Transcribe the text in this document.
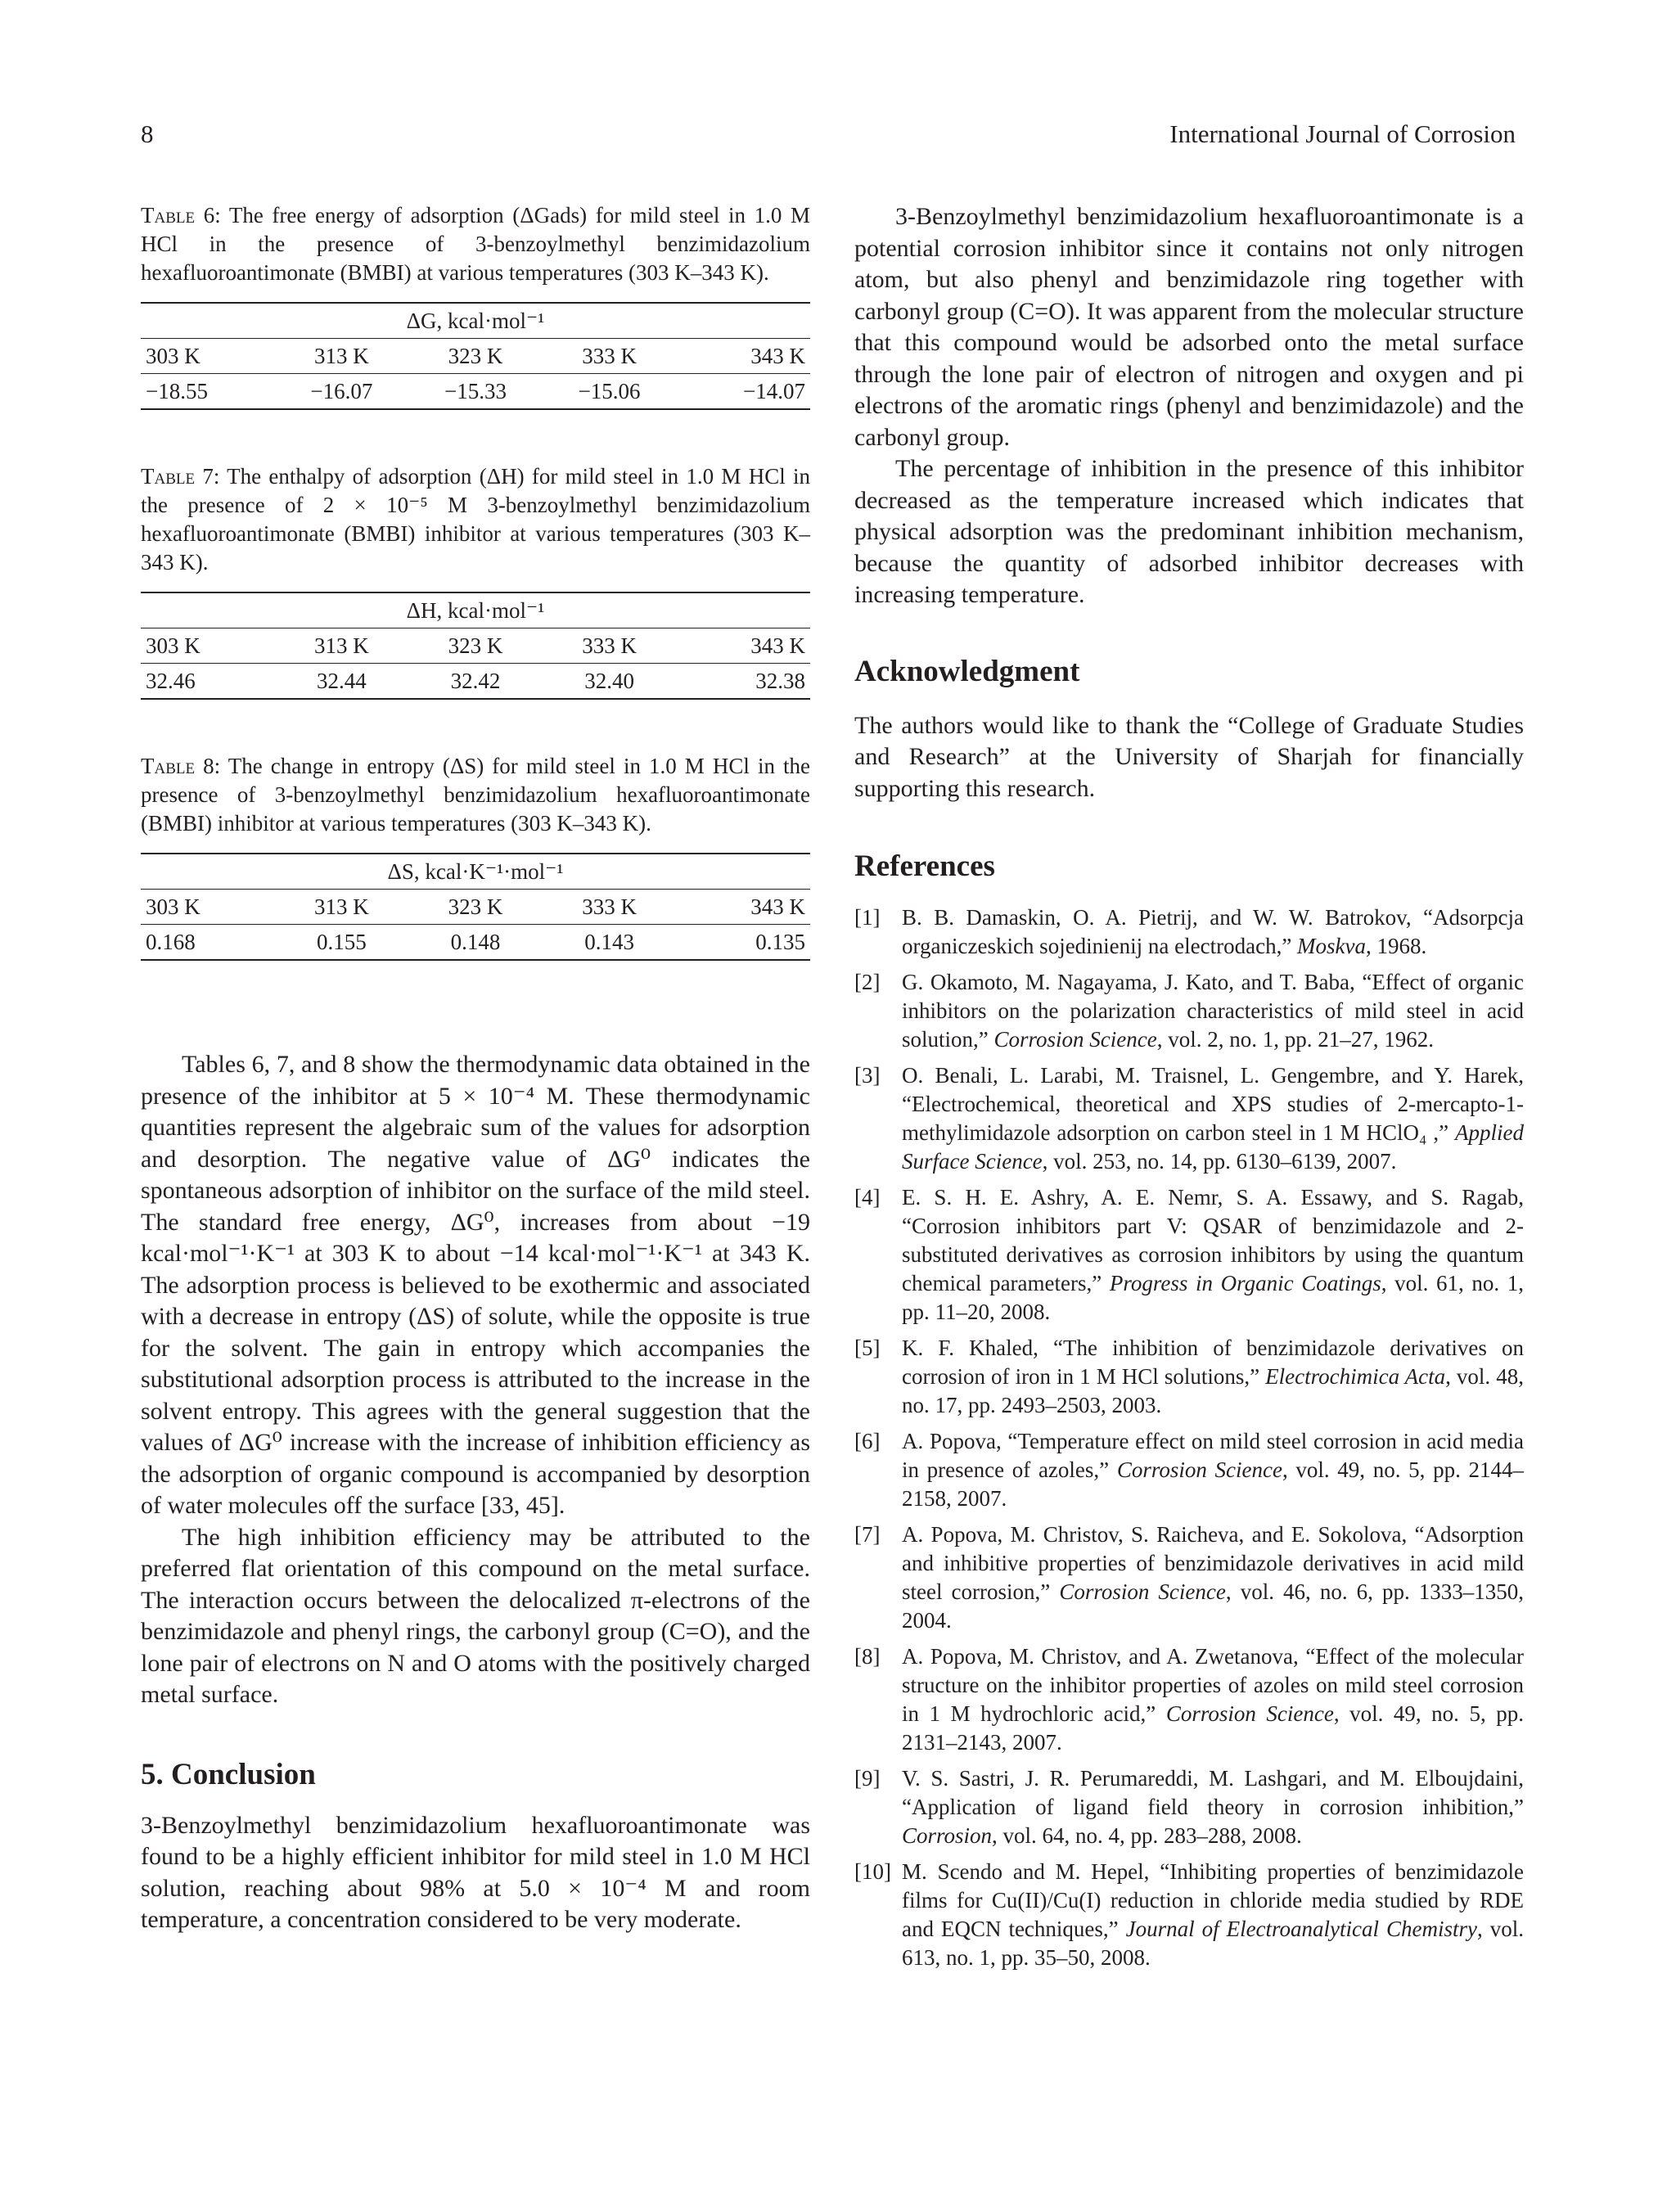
8	International Journal of Corrosion

Table 6: The free energy of adsorption (ΔGads) for mild steel in 1.0 M HCl in the presence of 3-benzoylmethyl benzimidazolium hexafluoroantimonate (BMBI) at various temperatures (303 K–343 K).

ΔG, kcal·mol⁻¹				
303 K	313 K	323 K	333 K	343 K
−18.55	−16.07	−15.33	−15.06	−14.07

Table 7: The enthalpy of adsorption (ΔH) for mild steel in 1.0 M HCl in the presence of 2 × 10⁻⁵ M 3-benzoylmethyl benzimidazolium hexafluoroantimonate (BMBI) inhibitor at various temperatures (303 K–343 K).

ΔH, kcal·mol⁻¹				
303 K	313 K	323 K	333 K	343 K
32.46	32.44	32.42	32.40	32.38

Table 8: The change in entropy (ΔS) for mild steel in 1.0 M HCl in the presence of 3-benzoylmethyl benzimidazolium hexafluoroantimonate (BMBI) inhibitor at various temperatures (303 K–343 K).

ΔS, kcal·K⁻¹·mol⁻¹				
303 K	313 K	323 K	333 K	343 K
0.168	0.155	0.148	0.143	0.135

Tables 6, 7, and 8 show the thermodynamic data obtained in the presence of the inhibitor at 5 × 10⁻⁴ M. These thermodynamic quantities represent the algebraic sum of the values for adsorption and desorption. The negative value of ΔG⁰ indicates the spontaneous adsorption of inhibitor on the surface of the mild steel. The standard free energy, ΔG⁰, increases from about −19 kcal·mol⁻¹·K⁻¹ at 303 K to about −14 kcal·mol⁻¹·K⁻¹ at 343 K. The adsorption process is believed to be exothermic and associated with a decrease in entropy (ΔS) of solute, while the opposite is true for the solvent. The gain in entropy which accompanies the substitutional adsorption process is attributed to the increase in the solvent entropy. This agrees with the general suggestion that the values of ΔG⁰ increase with the increase of inhibition efficiency as the adsorption of organic compound is accompanied by desorption of water molecules off the surface [33, 45].

The high inhibition efficiency may be attributed to the preferred flat orientation of this compound on the metal surface. The interaction occurs between the delocalized π-electrons of the benzimidazole and phenyl rings, the carbonyl group (C=O), and the lone pair of electrons on N and O atoms with the positively charged metal surface.

5. Conclusion

3-Benzoylmethyl benzimidazolium hexafluoroantimonate was found to be a highly efficient inhibitor for mild steel in 1.0 M HCl solution, reaching about 98% at 5.0 × 10⁻⁴ M and room temperature, a concentration considered to be very moderate.

3-Benzoylmethyl benzimidazolium hexafluoroantimonate is a potential corrosion inhibitor since it contains not only nitrogen atom, but also phenyl and benzimidazole ring together with carbonyl group (C=O). It was apparent from the molecular structure that this compound would be adsorbed onto the metal surface through the lone pair of electron of nitrogen and oxygen and pi electrons of the aromatic rings (phenyl and benzimidazole) and the carbonyl group.

The percentage of inhibition in the presence of this inhibitor decreased as the temperature increased which indicates that physical adsorption was the predominant inhibition mechanism, because the quantity of adsorbed inhibitor decreases with increasing temperature.

Acknowledgment

The authors would like to thank the “College of Graduate Studies and Research” at the University of Sharjah for financially supporting this research.

References
[1] B. B. Damaskin, O. A. Pietrij, and W. W. Batrokov, “Adsorpcja organiczeskich sojedinienij na electrodach,” Moskva, 1968.
[2] G. Okamoto, M. Nagayama, J. Kato, and T. Baba, “Effect of organic inhibitors on the polarization characteristics of mild steel in acid solution,” Corrosion Science, vol. 2, no. 1, pp. 21–27, 1962.
[3] O. Benali, L. Larabi, M. Traisnel, L. Gengembre, and Y. Harek, “Electrochemical, theoretical and XPS studies of 2-mercapto-1-methylimidazole adsorption on carbon steel in 1 M HClO₄ ,” Applied Surface Science, vol. 253, no. 14, pp. 6130–6139, 2007.
[4] E. S. H. E. Ashry, A. E. Nemr, S. A. Essawy, and S. Ragab, “Corrosion inhibitors part V: QSAR of benzimidazole and 2-substituted derivatives as corrosion inhibitors by using the quantum chemical parameters,” Progress in Organic Coatings, vol. 61, no. 1, pp. 11–20, 2008.
[5] K. F. Khaled, “The inhibition of benzimidazole derivatives on corrosion of iron in 1 M HCl solutions,” Electrochimica Acta, vol. 48, no. 17, pp. 2493–2503, 2003.
[6] A. Popova, “Temperature effect on mild steel corrosion in acid media in presence of azoles,” Corrosion Science, vol. 49, no. 5, pp. 2144–2158, 2007.
[7] A. Popova, M. Christov, S. Raicheva, and E. Sokolova, “Adsorption and inhibitive properties of benzimidazole derivatives in acid mild steel corrosion,” Corrosion Science, vol. 46, no. 6, pp. 1333–1350, 2004.
[8] A. Popova, M. Christov, and A. Zwetanova, “Effect of the molecular structure on the inhibitor properties of azoles on mild steel corrosion in 1 M hydrochloric acid,” Corrosion Science, vol. 49, no. 5, pp. 2131–2143, 2007.
[9] V. S. Sastri, J. R. Perumareddi, M. Lashgari, and M. Elboujdaini, “Application of ligand field theory in corrosion inhibition,” Corrosion, vol. 64, no. 4, pp. 283–288, 2008.
[10] M. Scendo and M. Hepel, “Inhibiting properties of benzimidazole films for Cu(II)/Cu(I) reduction in chloride media studied by RDE and EQCN techniques,” Journal of Electroanalytical Chemistry, vol. 613, no. 1, pp. 35–50, 2008.
